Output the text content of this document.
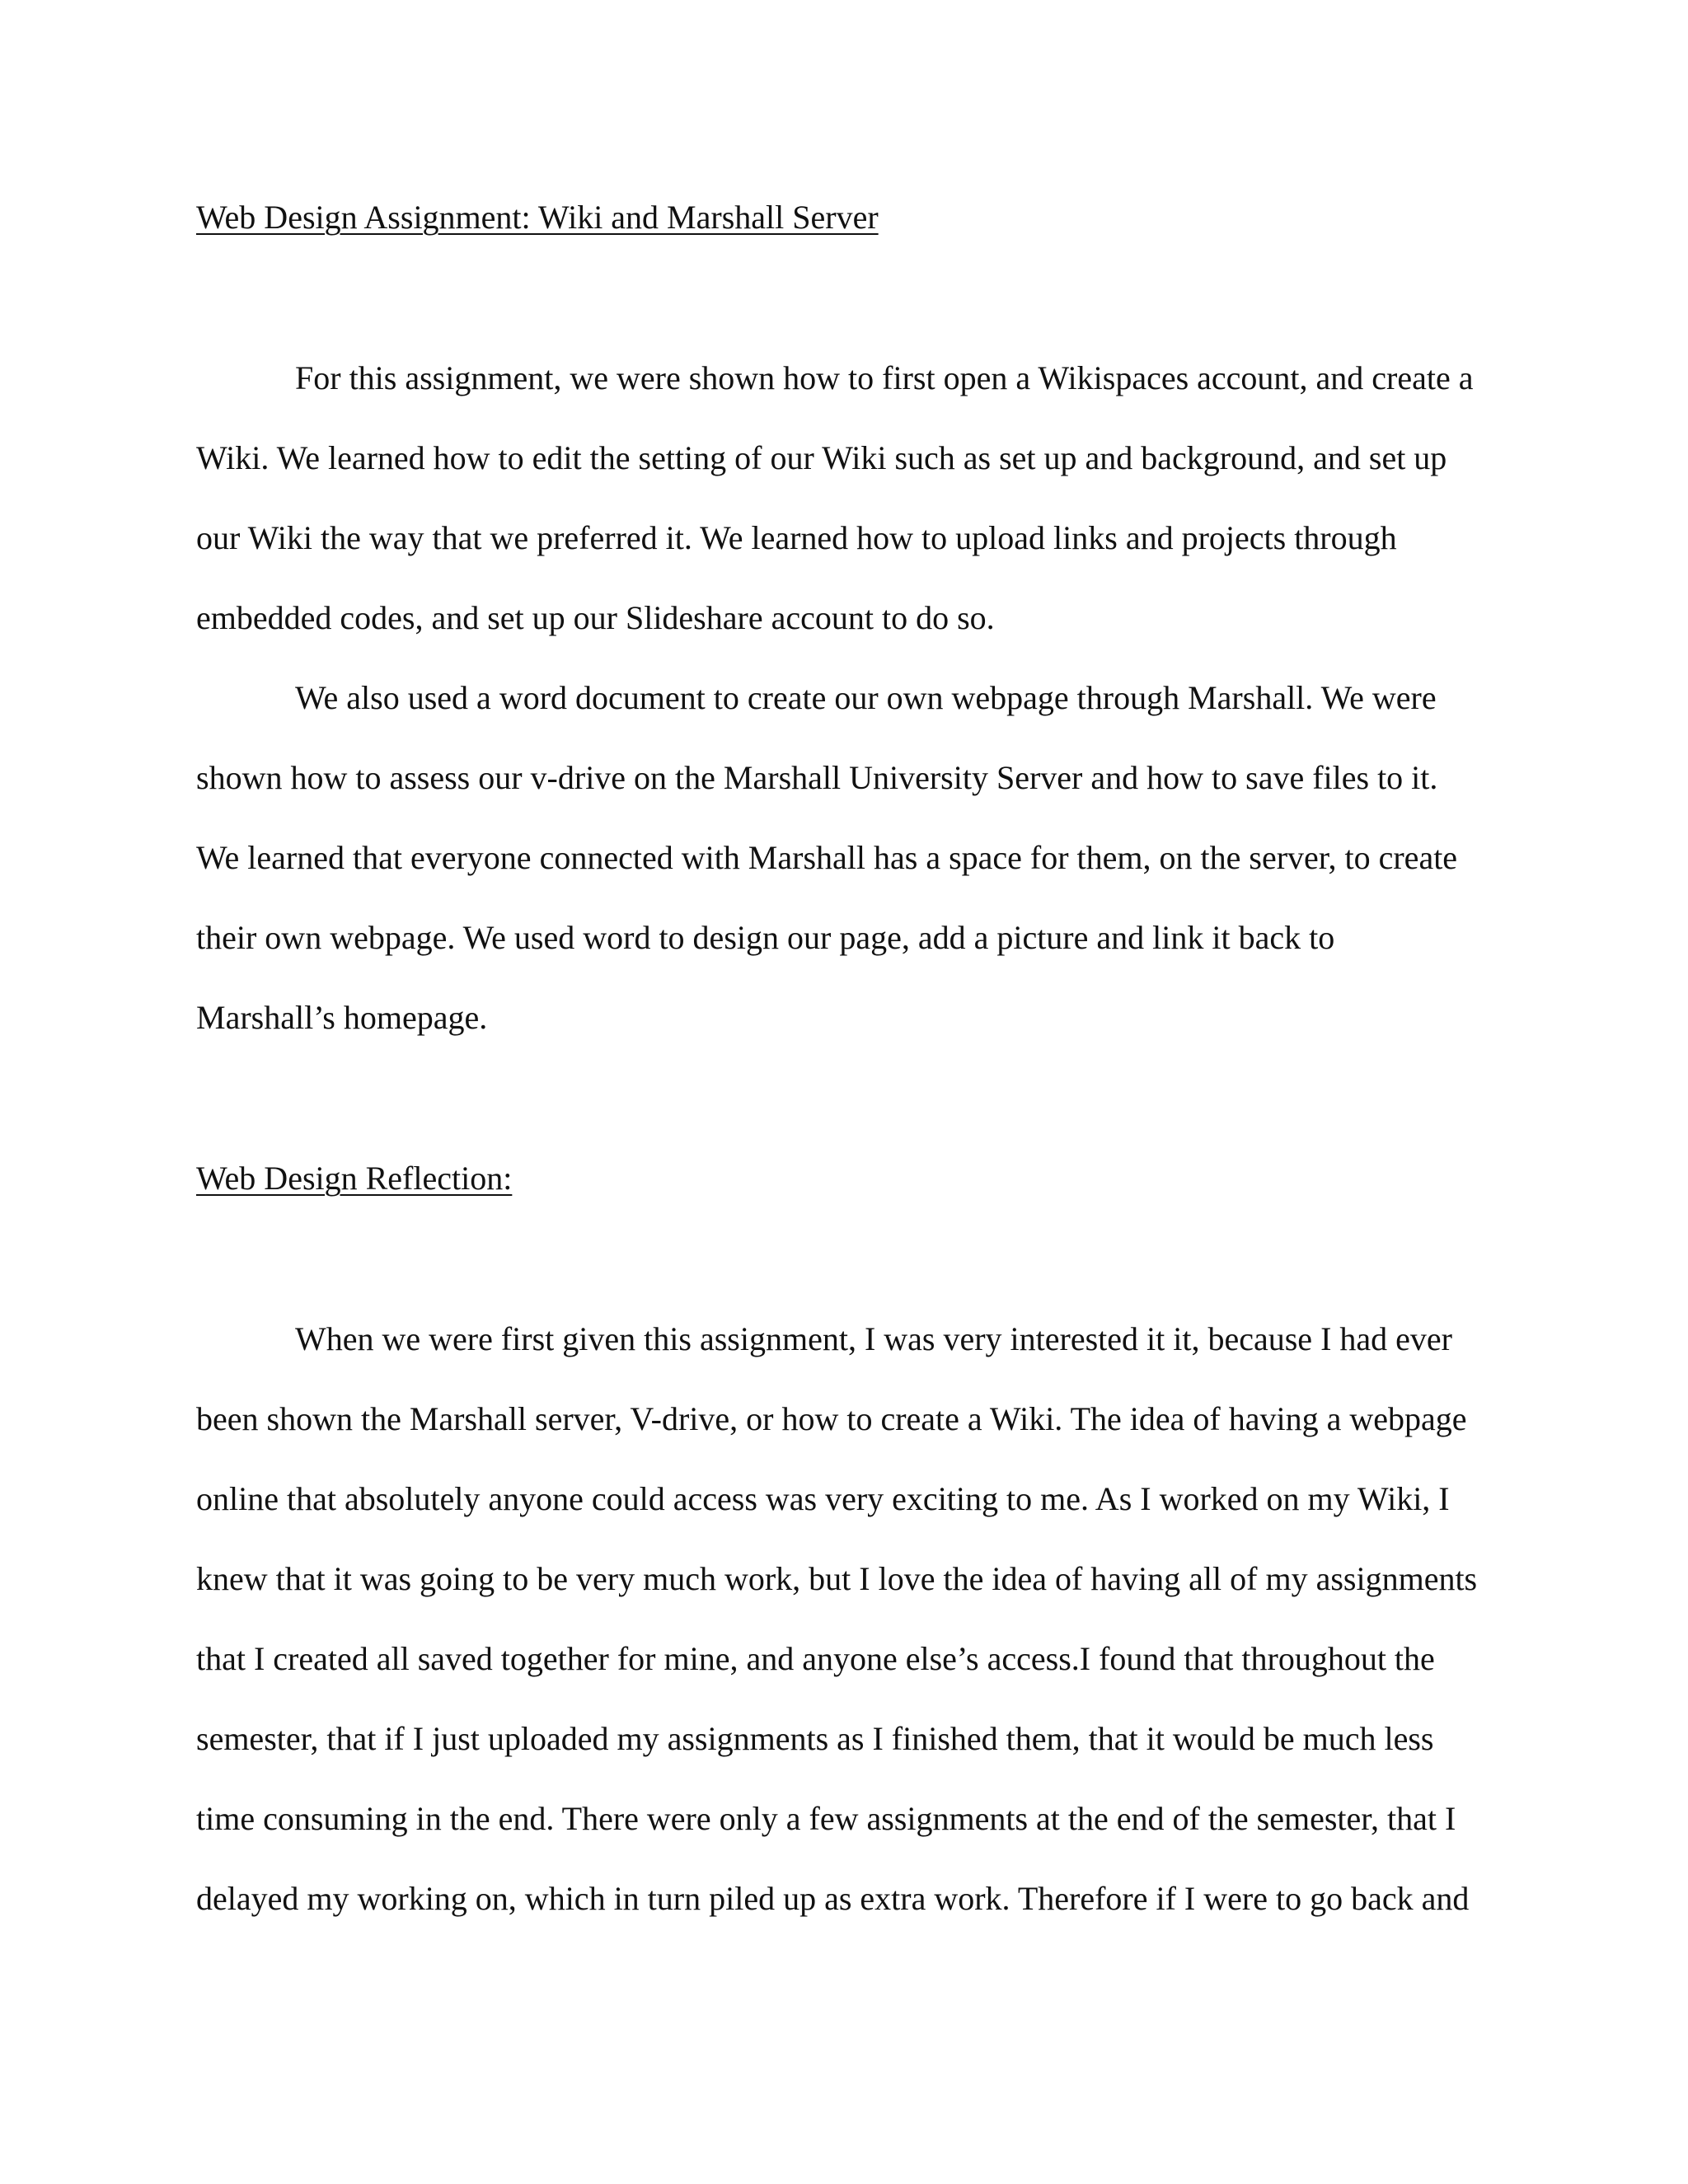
Web Design Assignment: Wiki and Marshall Server

For this assignment, we were shown how to first open a Wikispaces account, and create a

Wiki. We learned how to edit the setting of our Wiki such as set up and background, and set up

our Wiki the way that we preferred it. We learned how to upload links and projects through

embedded codes, and set up our Slideshare account to do so.

We also used a word document to create our own webpage through Marshall. We were

shown how to assess our v-drive on the Marshall University Server and how to save files to it.

We learned that everyone connected with Marshall has a space for them, on the server, to create

their own webpage. We used word to design our page, add a picture and link it back to

Marshall’s homepage.

Web Design Reflection:

When we were first given this assignment, I was very interested it it, because I had ever

been shown the Marshall server, V-drive, or how to create a Wiki. The idea of having a webpage

online that absolutely anyone could access was very exciting to me. As I worked on my Wiki, I

knew that it was going to be very much work, but I love the idea of having all of my assignments

that I created all saved together for mine, and anyone else’s access.I found that throughout the

semester, that if I just uploaded my assignments as I finished them, that it would be much less

time consuming in the end. There were only a few assignments at the end of the semester, that I

delayed my working on, which in turn piled up as extra work. Therefore if I were to go back and
